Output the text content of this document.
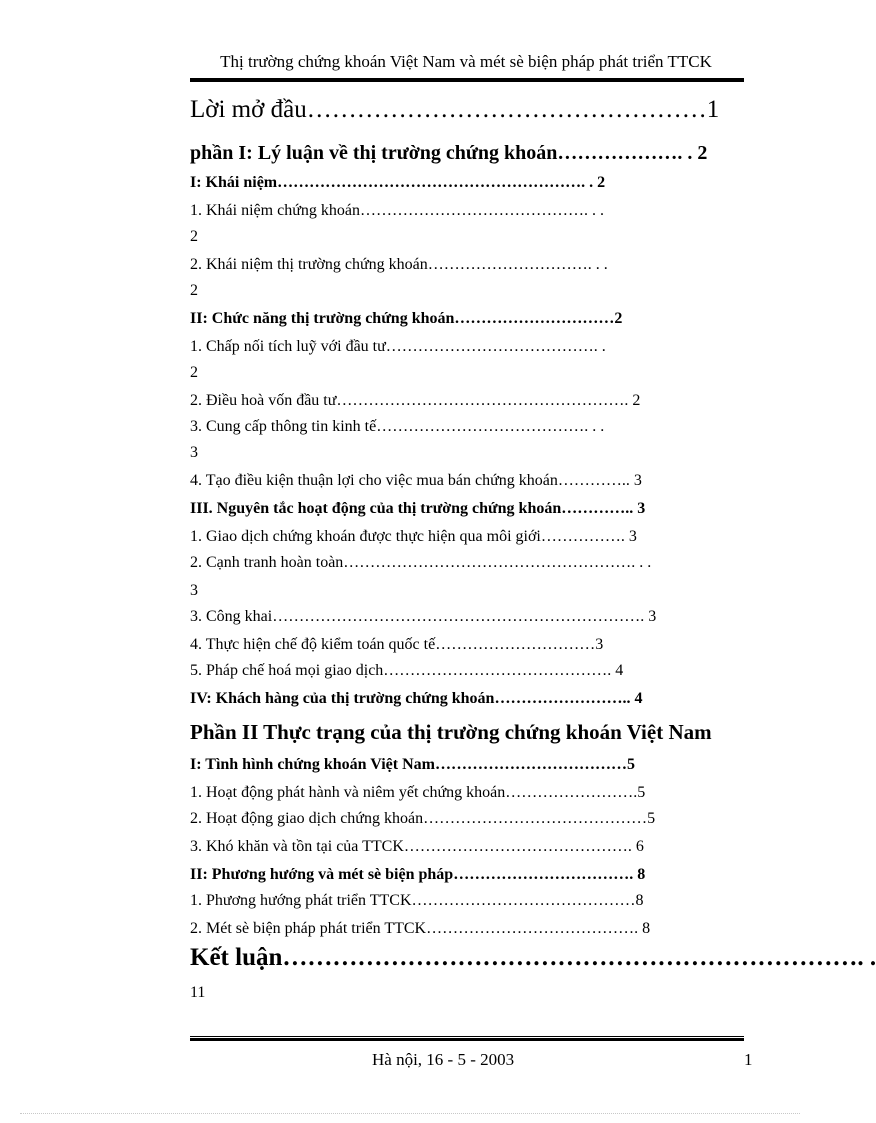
Thị trường chứng khoán Việt Nam và mét sè biện pháp phát triển TTCK
Lời mở đầu…………………………………………1
phần I: Lý luận về thị trường chứng khoán………………. . 2
I: Khái niệm…………………………………………………. . 2
1. Khái niệm chứng khoán……………………………………. . .
2
2. Khái niệm thị trường chứng khoán…………………………. . .
2
II: Chức năng thị trường chứng khoán…………………………2
1. Chấp nối tích luỹ với đầu tư…………………………………. .
2
2. Điều hoà vốn đầu tư………………………………………………. 2
3. Cung cấp thông tin kinh tế…………………………………. . .
3
4. Tạo điều kiện thuận lợi cho việc mua bán chứng khoán………….. 3
III. Nguyên tắc hoạt động của thị trường chứng khoán………….. 3
1. Giao dịch chứng khoán được thực hiện qua môi giới……………. 3
2. Cạnh tranh hoàn toàn………………………………………………. . .
3
3. Công khai……………………………………………………………. 3
4. Thực hiện chế độ kiểm toán quốc tế…………………………3
5. Pháp chế hoá mọi giao dịch……………………………………. 4
IV: Khách hàng của thị trường chứng khoán…………………….. 4
Phần II Thực trạng của thị trường chứng khoán Việt Nam
I: Tình hình chứng khoán Việt Nam………………………………5
1. Hoạt động phát hành và niêm yết chứng khoán…………………….5
2. Hoạt động giao dịch chứng khoán……………………………………5
3. Khó khăn và tồn tại của TTCK……………………………………. 6
II: Phương hướng và mét sè biện pháp……………………………. 8
1. Phương hướng phát triển TTCK……………………………………8
2. Mét sè biện pháp phát triển TTCK…………………………………. 8
Kết luận……………………………………………………………. .
11
Hà nội, 16 - 5 - 2003	1
